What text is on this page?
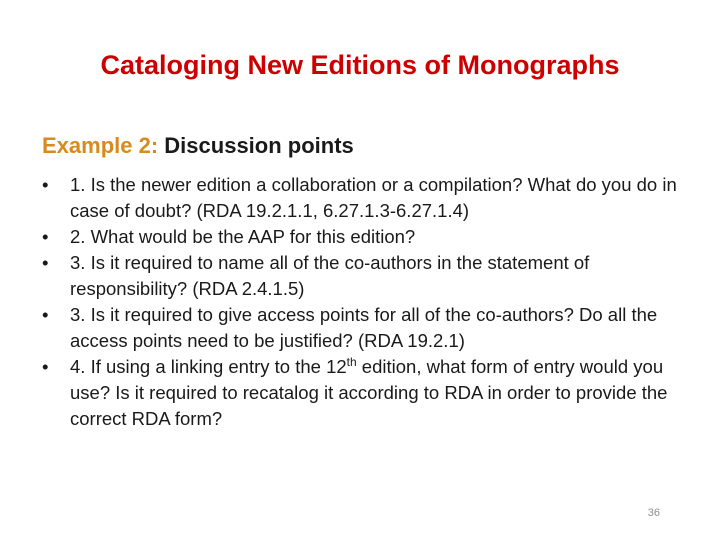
Cataloging New Editions of Monographs
Example 2: Discussion points
•	1. Is the newer edition a collaboration or a compilation? What do you do in case of doubt? (RDA 19.2.1.1, 6.27.1.3-6.27.1.4)
•	2. What would be the AAP for this edition?
•	3. Is it required to name all of the co-authors in the statement of responsibility? (RDA 2.4.1.5)
•	3. Is it required to give access points for all of the co-authors? Do all the access points need to be justified? (RDA 19.2.1)
•	4. If using a linking entry to the 12th edition, what form of entry would you use? Is it required to recatalog it according to RDA in order to provide the correct RDA form?
36
